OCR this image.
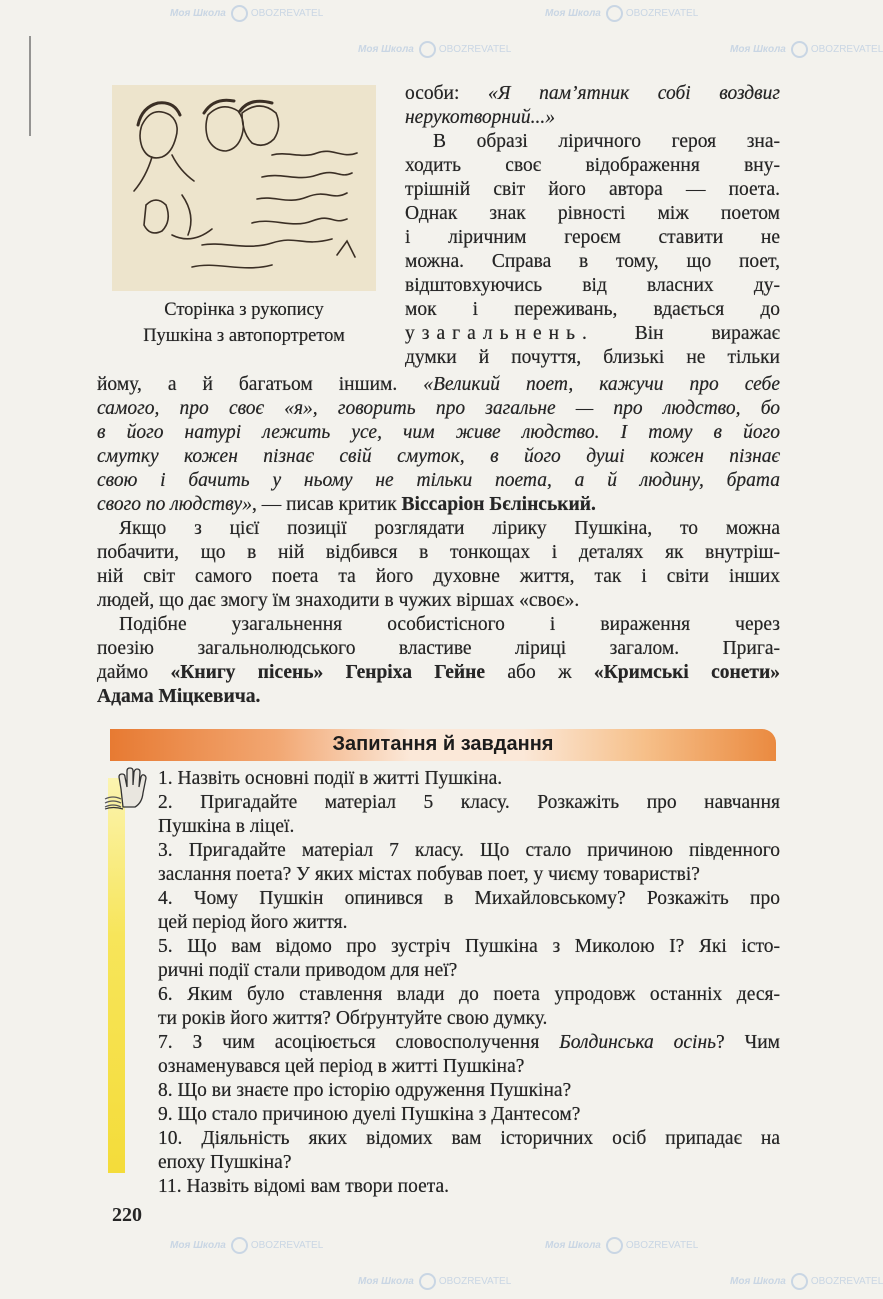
Моя Школа	OBOZREVATEL	Моя Школа	OBOZREVATEL
Моя Школа	OBOZREVATEL	Моя Школа	OBOZREVATEL
Моя Школа	OBOZREVATEL	Моя Школа	OBOZREVATEL
Моя Школа	OBOZREVATEL	Моя Школа	OBOZREVATEL
Сторінка з рукопису
Пушкіна з автопортретом
особи: «Я пам’ятник собі воздвиг
нерукотворний...»
В образі ліричного героя зна-
ходить своє відображення вну-
трішній світ його автора — поета.
Однак знак рівності між поетом
і ліричним героєм ставити не
можна. Справа в тому, що поет,
відштовхуючись від власних ду-
мок і переживань, вдається до
узагальнень. Він виражає
думки й почуття, близькі не тільки
йому, а й багатьом іншим. «Великий поет, кажучи про себе
самого, про своє «я», говорить про загальне — про людство, бо
в його натурі лежить усе, чим живе людство. І тому в його
смутку кожен пізнає свій смуток, в його душі кожен пізнає
свою і бачить у ньому не тільки поета, а й людину, брата
свого по людству», — писав критик Віссаріон Бєлінський.
Якщо з цієї позиції розглядати лірику Пушкіна, то можна
побачити, що в ній відбився в тонкощах і деталях як внутріш-
ній світ самого поета та його духовне життя, так і світи інших
людей, що дає змогу їм знаходити в чужих віршах «своє».
Подібне узагальнення особистісного і вираження через
поезію загальнолюдського властиве ліриці загалом. Прига-
даймо «Книгу пісень» Генріха Гейне або ж «Кримські сонети»
Адама Міцкевича.
Запитання й завдання
1. Назвіть основні події в житті Пушкіна.
2. Пригадайте матеріал 5 класу. Розкажіть про навчання
Пушкіна в ліцеї.
3. Пригадайте матеріал 7 класу. Що стало причиною південного
заслання поета? У яких містах побував поет, у чиєму товаристві?
4. Чому Пушкін опинився в Михайловському? Розкажіть про
цей період його життя.
5. Що вам відомо про зустріч Пушкіна з Миколою І? Які істо-
ричні події стали приводом для неї?
6. Яким було ставлення влади до поета упродовж останніх деся-
ти років його життя? Обґрунтуйте свою думку.
7. З чим асоціюється словосполучення Болдинська осінь? Чим
ознаменувався цей період в житті Пушкіна?
8. Що ви знаєте про історію одруження Пушкіна?
9. Що стало причиною дуелі Пушкіна з Дантесом?
10. Діяльність яких відомих вам історичних осіб припадає на
епоху Пушкіна?
11. Назвіть відомі вам твори поета.
220
